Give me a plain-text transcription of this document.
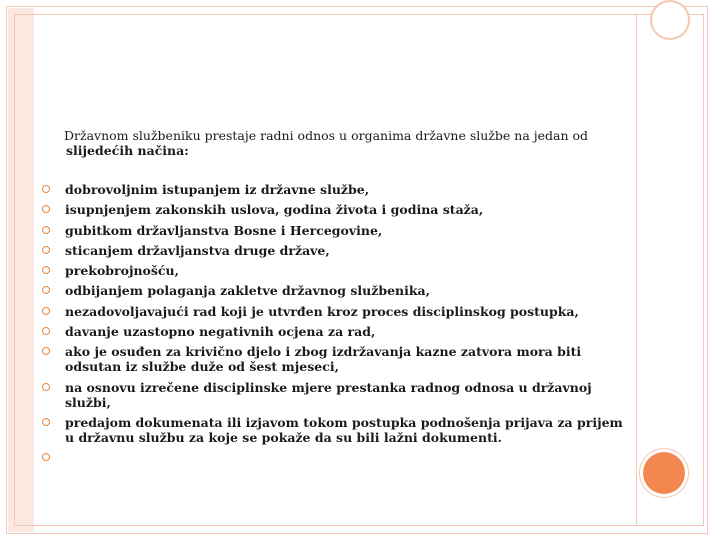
Državnom službeniku prestaje radni odnos u organima državne službe na jedan od
slijedećih načina:

dobrovoljnim istupanjem iz državne službe,
isupnjenjem zakonskih uslova, godina života i godina staža,
gubitkom državljanstva Bosne i Hercegovine,
sticanjem državljanstva druge države,
prekobrojnošću,
odbijanjem polaganja zakletve državnog službenika,
nezadovoljavajući rad koji je utvrđen kroz proces disciplinskog postupka,
davanje uzastopno negativnih ocjena za rad,
ako je osuđen za krivično djelo i zbog izdržavanja kazne zatvora mora biti odsutan iz službe duže od šest mjeseci,
na osnovu izrečene disciplinske mjere prestanka radnog odnosa u državnoj službi,
predajom dokumenata ili izjavom tokom postupka podnošenja prijava za prijem u državnu službu za koje se pokaže da su bili lažni dokumenti.
